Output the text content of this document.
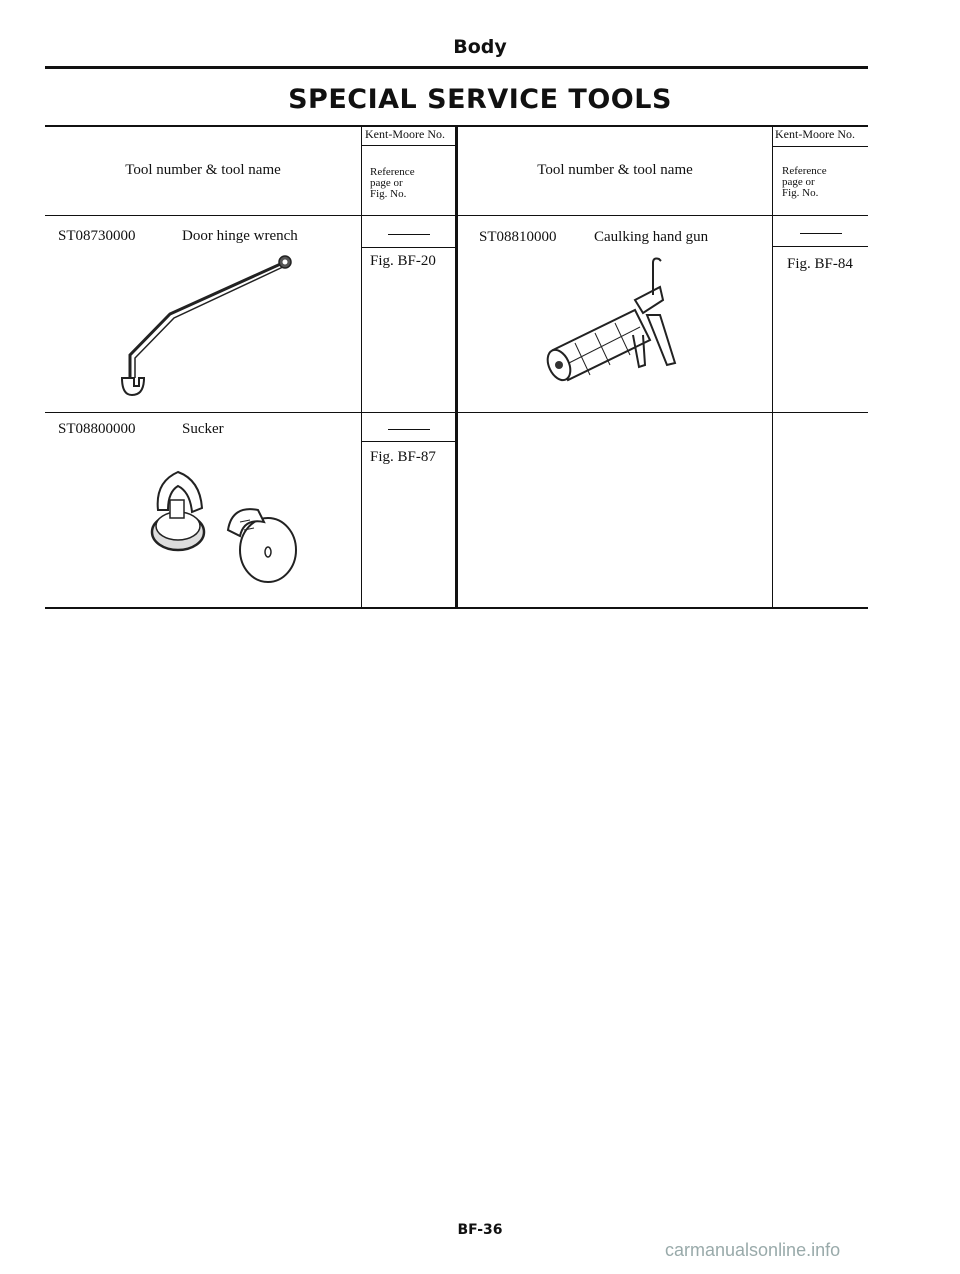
Body
SPECIAL SERVICE TOOLS
Tool number & tool name
Kent-Moore No.
Reference
page or
Fig. No.
Tool number & tool name
Kent-Moore No.
Reference
page or
Fig. No.
ST08730000	Door hinge wrench
Fig. BF-20
ST08810000 Caulking hand gun
Fig. BF-84
ST08800000	Sucker
Fig. BF-87
BF-36
carmanualsonline.info
